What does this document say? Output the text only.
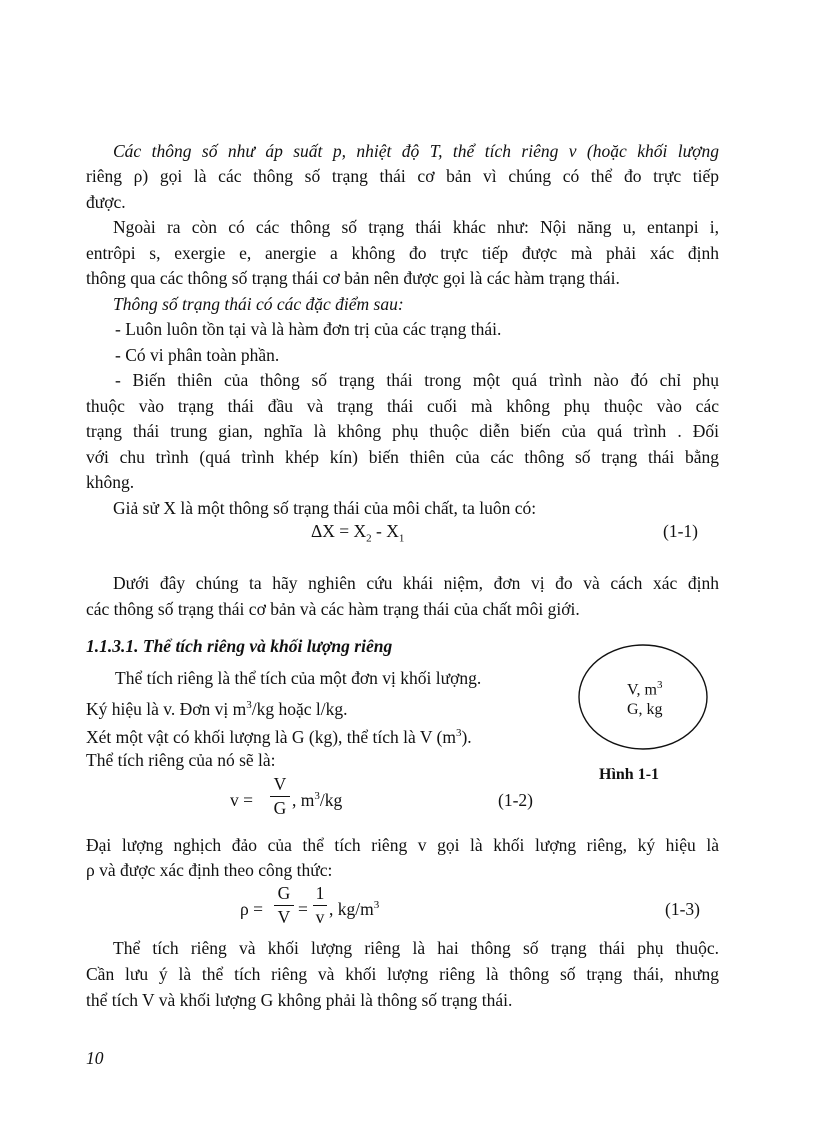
Các thông số như áp suất p, nhiệt độ T, thể tích riêng v (hoặc khối lượng
riêng ρ) gọi là các thông số trạng thái cơ bản vì chúng có thể đo trực tiếp
được.
Ngoài ra còn có các thông số trạng thái khác như: Nội năng u, entanpi i,
entrôpi s, exergie e, anergie a không đo trực tiếp được mà phải xác định
thông qua các thông số trạng thái cơ bản nên được gọi là các hàm trạng thái.
Thông số trạng thái có các đặc điểm sau:
- Luôn luôn tồn tại và là hàm đơn trị của các trạng thái.
- Có vi phân toàn phần.
- Biến thiên của thông số trạng thái trong một quá trình nào đó chỉ phụ
thuộc vào trạng thái đầu và trạng thái cuối mà không phụ thuộc vào các
trạng thái trung gian, nghĩa là không phụ thuộc diễn biến của quá trình . Đối
với chu trình (quá trình khép kín) biến thiên của các thông số trạng thái bằng
không.
Giả sử X là một thông số trạng thái của môi chất, ta luôn có:
$\Delta X = X_2 - X_1$	(1-1)
Dưới đây chúng ta hãy nghiên cứu khái niệm, đơn vị đo và cách xác định
các thông số trạng thái cơ bản và các hàm trạng thái của chất môi giới.
1.1.3.1. Thể tích riêng và khối lượng riêng
Thể tích riêng là thể tích của một đơn vị khối lượng.
Ký hiệu là v. Đơn vị $m^3/kg$ hoặc l/kg.
Xét một vật có khối lượng là G (kg), thể tích là V $(m^3)$.
Thể tích riêng của nó sẽ là:
V, $m^3$
G, kg
Hình 1-1
v =
V
G , $m^3/kg$	(1-2)
Đại lượng nghịch đảo của thể tích riêng v gọi là khối lượng riêng, ký hiệu là
ρ và được xác định theo công thức:
ρ =
G
V =
1
v , $kg/m^3$	(1-3)
Thể tích riêng và khối lượng riêng là hai thông số trạng thái phụ thuộc.
Cần lưu ý là thể tích riêng và khối lượng riêng là thông số trạng thái, nhưng
thể tích V và khối lượng G không phải là thông số trạng thái.
10
